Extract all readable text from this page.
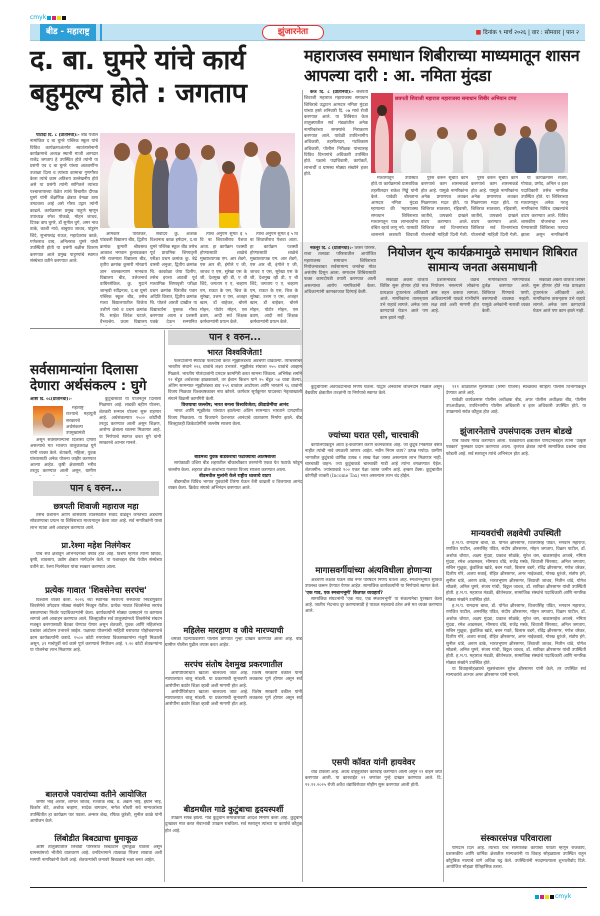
cmyk
बीड - महाराष्ट्र	झुंजारनेता	■ दिनांक ९ मार्च २०२६ | वार : सोमवार | पान २
द. बा. घुमरे यांचे कार्य बहुमूल्य होते : जगताप

पाटोदा दि. ८ (प्रतिनिधी):- बीड येथील नामांकित द बा घुमरे पब्लिक स्कूल यांचे विविध कार्यक्रमाअंतर्गत स्वातंत्र्यसेनानी कार्यक्रमाचे अध्यक्ष स्थानी माजी आमदार राजेंद्र जगताप हे उपस्थित होते त्यांनी या प्रसंगी एव द बा घुमरे यांच्या आठवणींना उजाळा दिला व त्यांच्या कामाचा गुणगौरव केला त्यांचे काम अतिशय उल्लेखनीय होते असे या प्रसंगी त्यांनी सांगितले त्यांच्या पश्चात्तापाच्या वेळेत त्यांचे विचारीत दीपक घुमरे यांनी शैक्षणिक क्षेत्रात वेगळा ठसा उमटवला आहे असे गौरव उद्गार त्यांनी काढले. कार्यक्रमास प्रमुख पाहुणे म्हणून उपाध्यक्ष रमेश पोकळे, मोहन जाधव, दिपक वाघ घुमरे, डॉ सुनील घुगे, अमर नाथ ठाके, काशी नाथे, बाबुराव जाधव, पांडुरंग शिंदे, सुभाषचंद्र राऊत, महादेवराव काळे, गणेशराव वाघ, अनिलराव घुमरे यांची उपस्थिती होती या प्रसंगी बक्षीस वितरण करण्यात आले प्रमुख पाहुण्यांचे स्वागत संस्थेच्या वतीने करण्यात आले.

ओमकारे पारतेकर, पांडवली विद्यालय बीड, द्वितीय क्रमांक कुमारी श्रीवस्तव आकाश भगवान हुलावळकर मोरे राजमाता विद्यालय बीड, तृतीय क्रमांक कुमारी मोरडाये ज्ञान बालकल्याण मानवता विद्यालय बीड, उत्तेजनार्थ वाघिरसेकिल, कु. मुदाने जान्हवी रवींद्रनाथ, द.बा घुमरे पब्लिक स्कूल बीड, तसेच माध्य विद्यालयातील विजेता उत्तीर्ण याचे व प्रथम क्रमांक चि. साईश शिवेश घटाले, वैभवश्रेय. प्रथम विद्यालय

सर्वोदय कु. आशक विश्वनाथ काळ हर्षदान, द.बा घुमरे पब्लिक स्कूल बीड तसेच पूर्व प्राथमिक शिष्यवृत्ती परीक्षा प्रथम क्रमांक कु. बेद्रे वासरी अनुजा, द्वितीय क्रमांक चि. काकोळा जेपा दिलीप, तसेच इयत्ता आठवी पूर्व माध्यमिक शिष्यवृत्ती परीक्षा प्रथम क्रमांक चिरंजीव पवार अदिति किरात, द्वितीय क्रमांक चि. पोतले आरती दाखील या विद्यार्थ्यांना पुस्तक गौरव करण्यात आला व प्रशस्ती पत्रके देऊन सन्मानित

त्याचे अनुपम सुमेत ई ५ वि बा शिवाजीराव पेशवा आता. हा कार्यक्रम यशस्वी होण्यासाठी शाळेचे मुख्याध्यापक एम. आर शेडगे, एस आर बी, इंगोले ए जी, जाधव ए एस, सुरेखा एस के जी, देशमुख व्ही डी, ए बी शिंदे, जगताप ए ए, चव्हाण एम, राऊत के एस, बिज के सुरेखा, उत्तम ए एस, अजहर खान, डॉ बाहेकर, बोरसे मोहन, पोटोर मोहन, एस ढवण, आदी सर्व शिक्षक कर्मचाऱ्यांनी प्रयत्न केले.

त्याचे अनुपम सुमेत ई ५ वि बा शिवाजीराव पेशवा आता. हा कार्यक्रम यशस्वी होण्यासाठी शाळेचे मुख्याध्यापक एम. आर शेडगे, एस आर बी, इंगोले ए जी, जाधव ए एस, सुरेखा एस के जी, देशमुख व्ही डी, ए बी शिंदे, जगताप ए ए, चव्हाण एम, राऊत के एस, बिज के सुरेखा, उत्तम ए एस, अजहर खान, डॉ बाहेकर, बोरसे मोहन, पोटोर मोहन, एस ढवण, आदी सर्व शिक्षक कर्मचाऱ्यांनी प्रयत्न केले.

महाराजस्व समाधान शिबीराच्या माध्यमातून शासन आपल्या दारी : आ. नमिता मुंदडा

केज दि. ८ (प्रतिनिधी):- छत्रपती शिवाजी महाराज महाराजस्व समाधान शिबिराचे उद्घाटन आमदार नमिता मुंदडा यांच्या हस्ते शनिवारी दि. ०७ मार्च रोजी करण्यात आले. या शिबिरात केज तालुक्यातील सर्व मंडळांतील अनेक नागरिकांच्या समस्यांचे निराकरण करण्यात आले. यावेळी उपविभागीय अधिकारी, तहसीलदार, गटविकास अधिकारी, पोलीस निरीक्षक यांच्यासह विविध विभागांचे अधिकारी उपस्थित होते. पक्षाचे पदाधिकारी, कार्यकर्ते, लाभार्थी व ग्रामस्थ मोठ्या संख्येने हजर होते.

छत्रपती शिवाजी महाराज महाराजस्व समाधान शिबीर अभियान टप्पा

माध्यमातून उपस्थित होते.या कार्यक्रमाचे प्रास्ताविक तहसीलदार राकेश गिड्डे यांनी केले. यावेळी बोलताना आमदार नमिता मुंदडा म्हणाल्या की 'महाराजस्व समाधान शिबिराच्या माध्यमातून पात्र लाभार्थ्यांना वंचित रहावे लागू नये. यासाठी शासनाने छत्रपती शिवाजी

पुरेस करुन सूचीत काम करण्याचे काम शासनाकडे होत आहे. यामुळे नागरिकांना अनेक प्रमाणपत्र लवकर मिळण्यास मदत होते. या शिबिरात सातबारा, रहिवासी, जातीचे, उत्पन्नाचे दाखले वाटप करण्यात आले. शिबिरात सर्व विभागांच्या योजनांची माहिती दिली गेली.

पुरेस करुन सूचीत काम करण्याचे काम शासनाकडे होत आहे. यामुळे नागरिकांना अनेक प्रमाणपत्र लवकर मिळण्यास मदत होते. या शिबिरात सातबारा, रहिवासी, जातीचे, उत्पन्नाचे दाखले वाटप करण्यात आले. शिबिरात सर्व विभागांच्या योजनांची माहिती दिली गेली.

या कार्यक्रमास संजय, गोपाळ, प्रमोद, अनिल व इतर पदाधिकारी तसेच नागरिक उपस्थित होते. या शिबिराच्या माध्यमातून अनेक गरजू नागरिकांना विविध दाखल्यांचे वाटप करण्यात आले. विविध शासकीय योजनांचा लाभ घेण्यासाठी शिबिराचा फायदा झाला असून नागरिकांनी

नेकनूर दि. ८ (प्रतिनिधी):- शिरुर परिसर, राजा तलवडा परिसरातील आयोजित महाराजस्व समाधान शिबिराच्या नियोजनाबाबत सर्वसामान्य जनतेचा मोठा असंतोष दिसून आला. समाधान शिबिरासाठी फक्त कागदोपत्री तयारी करण्यात आली असल्याचा आरोप नागरिकांनी केला. अधिकाऱ्यांनी कामकाजात दिरंगाई केली.

नियोजन शून्य कार्यक्रमामुळे समाधान शिबिरात सामान्य जनता असमाधानी

सकाळी अकरा वाजता शिबिर सुरू होणार होते मात्र प्रत्यक्षात दुपारनंतर अधिकारी आले. नागरिकांना तासन्‌तास उभे राहावे लागले. अनेक जण कागदपत्रे घेऊन आले पण काम झाले नाही.

प्रशासनाकडे वेळेचे नियोजन नसल्याने लोकांना त्रास सहन करावा लागला. अधिकाऱ्यांनी याकडे गांभीर्याने लक्ष द्यावे अशी मागणी होत आहे.

नागरिकांच्या मागण्यांकडे दुर्लक्ष करण्यात आले. शिबिरात पिण्याचे पाणी, बसण्याची व्यवस्था नव्हती. यामुळे अनेकांनी नाराजी व्यक्त केली.

सकाळी अकरा वाजता शिबिर सुरू होणार होते मात्र प्रत्यक्षात दुपारनंतर अधिकारी आले. नागरिकांना तासन्‌तास उभे राहावे लागले. अनेक जण कागदपत्रे घेऊन आले पण काम झाले नाही.

सर्वसामान्यांना दिलासा देणारा अर्थसंकल्प : घुगे
आष्टी दि. ०८(प्रतिनिधी):-

महाराष्ट्र राज्याचे महायुती सरकारचे अर्थसंकल्प उपमुख्यमंत्री

असून सर्वसामान्यांना दिलासा देणारा असल्याचे मत भाजपा तालुकाध्यक्ष घुगे यांनी व्यक्त केले. शेतकरी, महिला, युवक यांच्यासाठी अनेक योजना जाहीर करण्यात आल्या आहेत. कृषी क्षेत्रासाठी भरीव तरतूद करण्यात आली असून, ग्रामीण

कुटुंबांसाठी या योजनेतून दिलासा मिळणार आहे. लाडकी बहीण योजना, शेतकरी सन्मान योजना सुरू राहणार आहे. अर्थसंकल्पात १५०० कोटींची तरतूद करण्यात आली असून शिक्षण, आरोग्य क्षेत्राला चालना मिळणार आहे. या निर्णयाचे स्वागत करत घुगे यांनी सरकारचे आभार मानले.

पान १ वरुन...
भारत विश्वविजेता!

फलंदाजांनी स्फोटक फलंदाजी करत न्यूझीलंडच्या अडचणी वाढवल्या. त्याचबरोबर भारतीय संघाने २२६ धावांचे लक्ष्य उभारले. न्यूझीलंड संघाला २५५ धावांचे आव्हान मिळाले. भारतीय गोलंदाजांनी दमदार कामगिरी करत सामना जिंकला. अभिषेक शर्माने १२ चेंडूत अर्धशतक झळकावले, तर ईशान किशन याने २५ चेंडूत ५४ धावा केल्या. अंतिम सामन्यात न्यूझीलंडचा डाव १५९ धावांवर आटोपला आणि भारताने ९६ धावांनी विजय मिळवत विश्वचषकावर नाव कोरले. कर्णधार सूर्यकुमार यादवच्या नेतृत्वाखाली संघाने विक्रमी कामगिरी केली.

विजयाचा जल्लोष; भारत बनला विश्वविजेता; क्रीडाप्रेमींचा आनंद

भारत आणि न्यूझीलंड यांच्यात झालेल्या अंतिम सामन्यात भारताने दणदणीत विजय मिळवला. या विजयाने देशभरात आनंदाचे वातावरण निर्माण झाले. बीड जिल्ह्यातही क्रिकेटप्रेमींनी जल्लोष साजरा केला.

बीडमध्ये युवक बीडकरांचा फटाक्यांची आतषबाजी

सायंकाळी उशिरा बीड शहरातील चौकाचौकात तरुणांनी एकत्र येत फटाके फोडून जल्लोष केला. शहरात ढोल-ताशांच्या गजरात विजय साजरा करण्यात आला.

बीडमधील मुलांनी केले राष्ट्रीय ध्वजाचे वाटप

बीडमधील विविध भागात युवकांनी तिरंगा घेऊन रॅली काढली व विजयाचा आनंद व्यक्त केला. क्रिकेट संघाचे अभिनंदन करण्यात आले.

पान ६ वरुन...
छत्रपती शिवाजी महाराज महा

तसेच प्रशासन आणि शासकीय व्यवस्थेतील संवाद वाढवून जनतेच्या अडचणी सोडवण्याचा प्रयत्न या शिबिराच्या माध्यमातून केला जात आहे. सर्व नागरिकांनी याचा लाभ घ्यावा असे आवाहन करण्यात आले.

प्रा.रेश्मा महेश निलंगेकर

यांचे सर्व क्षेत्रातून अभिनंदनाचा वर्षाव होत आहे. विशेष म्हणजे त्यांनी विविध, कृषी, व्यवसाय, उद्योग क्षेत्रात मार्गदर्शन केले. या यशाबद्दल बीड येथील संस्थेच्या वतीने प्रा. रेश्मा निलंगेकर यांचा सत्कार करण्यात आला.

प्रत्येक गावात 'शिवसेनेचा सरपंच'

विश्वास व्यक्त केला. २०२६ च्या स्थानिक स्वराज्य संस्थांच्या निवडणुकीत शिवसेनेचे उमेदवार मोठ्या संख्येने निवडून येतील. प्रत्येक गावात शिवसेनेचा सरपंच बसवण्याचा निर्धार पदाधिकाऱ्यांनी केला. कार्यकर्त्यांनी मोठ्या उत्साहाने या कामाला लागावे असे आवाहन करण्यात आले. जिल्ह्यातील सर्व तालुक्यांमध्ये शिवसेनेचे संघटन मजबूत करण्यासाठी बैठका घेण्यात येणार असून शेतकरी, युवक आणि महिलांच्या प्रश्नांवर आंदोलन उभारले जाईल. पक्षाच्या योजनांची माहिती घराघरात पोहोचवण्याचे काम कार्यकर्त्यांनी करावे. १५०० कोटी रुपयांच्या विकासकामांना मंजुरी मिळाली असून, ३१ मार्चपूर्वी सर्व कामे पूर्ण करण्याचे नियोजन आहे. १.२० कोटी शेतकऱ्यांना या योजनेचा लाभ मिळणार आहे.

बालराजे पवारांच्या वतीने आयोजित

जमीर भाई अत्तार, शामल जाधव, रज्जाक शेख, ड. अक्रम भाई, इम्रान भाई, किशोर शेटे, अशोक चव्हाण, सादेक बागवान, नागेश चौधरी सर्व मान्यवरांच्या उपस्थितीत हा कार्यक्रम पार पडला. अन्सार शेख, रफिक कुरेशी, सुनील काळे यांनी आयोजन केले.

लिंबोडीत बिबट्याचा धुमाकूळ

आष्टी तालुक्यातील लिंबोडी परिसरात बिबट्याने धुमाकूळ घातला असून ग्रामस्थांमध्ये भीतीचे वातावरण आहे. वनविभागाने तात्काळ पिंजरा लावावा अशी मागणी नागरिकांनी केली आहे. शेतकऱ्यांची जनावरे बिबट्याचे भक्ष्य बनत आहेत.

महिलेस मारहाण व जीवे मारण्याची

धमकी दिल्याप्रकरणी पोलीस ठाण्यात गुन्हा दाखल करण्यात आला आहे. बीड ग्रामीण पोलीस पुढील तपास करत आहेत.

सरपंच संतोष देशमुख प्रकरणातील

आरोपींविरोधात खटला चालवला जात आहे. विशेष सरकारी वकील यांनी न्यायालयात बाजू मांडली. या प्रकरणाची सुनावणी लवकरच पूर्ण होणार असून सर्व आरोपींना कठोर शिक्षा व्हावी अशी मागणी होत आहे.

आरोपींविरोधात खटला चालवला जात आहे. विशेष सरकारी वकील यांनी न्यायालयात बाजू मांडली. या प्रकरणाची सुनावणी लवकरच पूर्ण होणार असून सर्व आरोपींना कठोर शिक्षा व्हावी अशी मागणी होत आहे.

बीडमधील गाडे कुटुंबाचा हृदयस्पर्शी

उपक्रम संपन्न झाला. गाडे कुटुंबाने समाजासाठी आदर्श निर्माण केला आहे. कुटुंबाने दुःखावर मात करत सेवाभावी उपक्रम राबविला. सर्व स्तरातून त्यांच्या या कार्याचे कौतुक होत आहे.

कुटुंबीयांनी अवयवदानाचा निर्णय घेतला. याद्वारे अनेकांना जीवनदान मिळाले असून वैद्यकीय क्षेत्रातील तज्ज्ञांनी या निर्णयाचे स्वागत केले.

ज्यांच्या घरात एसी, चारचाकी

कार्यालयाकडून आता ई-केवायसी करणे बंधनकारक आहे. जी कुटुंबे निकषात बसत नाहीत त्यांची नावे वगळली जाणार आहेत. नवीन नियम काय? उत्पन्न मर्यादा: ग्रामीण भागातील कुटुंबाचे वार्षिक उत्पन्न १ लाख पेक्षा जास्त असल्यास लाभ मिळणार नाही. चारचाकी वाहन: ज्या कुटुंबाकडे चारचाकी गाडी आहे त्यांना वगळण्यात येईल. शेतजमीन: ज्यांच्याकडे १०० एकर पेक्षा जास्त जमीन आहे. इन्कम टॅक्स: कुटुंबातील कोणीही व्यक्ती (Income Tax) भरत असल्यास लाभ बंद होईल.

मागासवर्गीयांच्या अंत्यविधीला होणाऱ्या

अडचणी लक्षात घेऊन बीड नगर परिषदेने निर्णय घेतला आहे. स्मशानभूमीत सुविधा उपलब्ध करून देण्यात येणार आहेत. सामाजिक कार्यकर्त्यांनी या निर्णयाचे स्वागत केले.

'एक गाव, एक स्मशानभूमी' कितपत व्यवहार्य?

सामाजिक संघटनांनी 'एक गाव, एक स्मशानभूमी' या संकल्पनेचा पुरस्कार केला आहे. जातीय भेदभाव दूर करण्यासाठी हे पाऊल महत्त्वाचे ठरेल असे मत व्यक्त करण्यात आले.

एसपी कॉवत यांनी हायवेवर

धाड टाकली आहे. अवैध वाहतुकीवर कारवाई करण्यात आली असून ११ वाहने जप्त करण्यात आली. या कारवाईत २१ जणांवर गुन्हे दाखल करण्यात आले. दि. १२.१२.२०२५ रोजी अवैध धंद्यांविरोधात मोहीम सुरू करण्यात आली होती.

१११ शाळांतील मुलींसाठी (सिंगी योजना) स्वच्छतेचे साहित्य पोलीस विभागाकडून देण्यात आले आहे.

यावेळी कार्यक्रमास पोलीस अधीक्षक बीड, अपर पोलीस अधीक्षक बीड, पोलीस उपअधीक्षक, उपविभागीय पोलीस अधिकारी व इतर अधिकारी उपस्थित होते. या उपक्रमाचे सर्वत्र कौतुक होत आहे.

झुंजारनेताचे उपसंपादक उत्तम बोडखे

यांचे विशेष गौरव करण्यात आला. पत्रकारिता क्षेत्रातील योगदानाबद्दल त्यांना 'उत्कृष्ट पत्रकार' पुरस्कार प्रदान करण्यात आला. वृत्तपत्र क्षेत्रात त्यांनी सामाजिक प्रश्नांना वाचा फोडली आहे. सर्व स्तरातून त्यांचे अभिनंदन होत आहे.

मान्यवरांची लक्षवेधी उपस्थिती

ह.भ.प. रामदास बाबा, डॉ. योगेश क्षीरसागर, विजयसिंह पंडित, भगवान महाराज, रणजित पाटील, अमरसिंह पंडित, संदीप क्षीरसागर, मोहन जगताप, विक्रम पाटील, डॉ. अशोक थोरात, अक्षय मुंदडा, प्रकाश सोळंके, सुरेश धस, बाळासाहेब आजबे, नमिता मुंदडा, रमेश आडसकर, भीमराव धोंडे, राजेंद्र मस्के, शिवाजी सिरसाट, अनिल जगताप, सचिन मुळूक, कुंडलिक खांडे, बबन गवते, विलास बडगे, रविंद्र क्षीरसागर, गणेश वरेकर, दिलीप गोरे, अजय सवाई, रोहित क्षीरसागर, अमर नाईकवाडे, गोरख धुरंधरे, संतोष हंगे, सुनील धांडे, अरुण डाके, भारतभूषण क्षीरसागर, शिवाजी जाधव, नितीन धांडे, योगेश सोळसे, अनिल घुमरे, संजय गांधी, विठ्ठल जाधव, डॉ. सारिका क्षीरसागर यांची उपस्थिती होती. ह.भ.प. महाराज मंडळी, कीर्तनकार, सामाजिक संस्थांचे पदाधिकारी आणि नागरिक मोठ्या संख्येने उपस्थित होते.

ह.भ.प. रामदास बाबा, डॉ. योगेश क्षीरसागर, विजयसिंह पंडित, भगवान महाराज, रणजित पाटील, अमरसिंह पंडित, संदीप क्षीरसागर, मोहन जगताप, विक्रम पाटील, डॉ. अशोक थोरात, अक्षय मुंदडा, प्रकाश सोळंके, सुरेश धस, बाळासाहेब आजबे, नमिता मुंदडा, रमेश आडसकर, भीमराव धोंडे, राजेंद्र मस्के, शिवाजी सिरसाट, अनिल जगताप, सचिन मुळूक, कुंडलिक खांडे, बबन गवते, विलास बडगे, रविंद्र क्षीरसागर, गणेश वरेकर, दिलीप गोरे, अजय सवाई, रोहित क्षीरसागर, अमर नाईकवाडे, गोरख धुरंधरे, संतोष हंगे, सुनील धांडे, अरुण डाके, भारतभूषण क्षीरसागर, शिवाजी जाधव, नितीन धांडे, योगेश सोळसे, अनिल घुमरे, संजय गांधी, विठ्ठल जाधव, डॉ. सारिका क्षीरसागर यांची उपस्थिती होती. ह.भ.प. महाराज मंडळी, कीर्तनकार, सामाजिक संस्थांचे पदाधिकारी आणि नागरिक मोठ्या संख्येने उपस्थित होते.

या विवाहसोहळ्याचे सूत्रसंचालन सुरेश क्षीरसागर यांनी केले, तर उपस्थित सर्व मान्यवरांचे आभार अमर क्षीरसागर यांनी मानले.

संस्कारसंपन्न परिवाराला

योगदान दिले आहे. त्यांच्या याच सामाजिक कार्याची पावती म्हणून राजकीय, प्रशासकीय आणि धार्मिक क्षेत्रातील मान्यवरांनी या विवाह सोहळ्याला उपस्थित राहून कौटुंबिक नात्याचे धागे अधिक घट्ट केले. उपस्थितांनी नवदाम्पत्याला शुभाशीर्वाद दिले. आयोजित सोहळा ऐतिहासिक ठरला.

cmyk
